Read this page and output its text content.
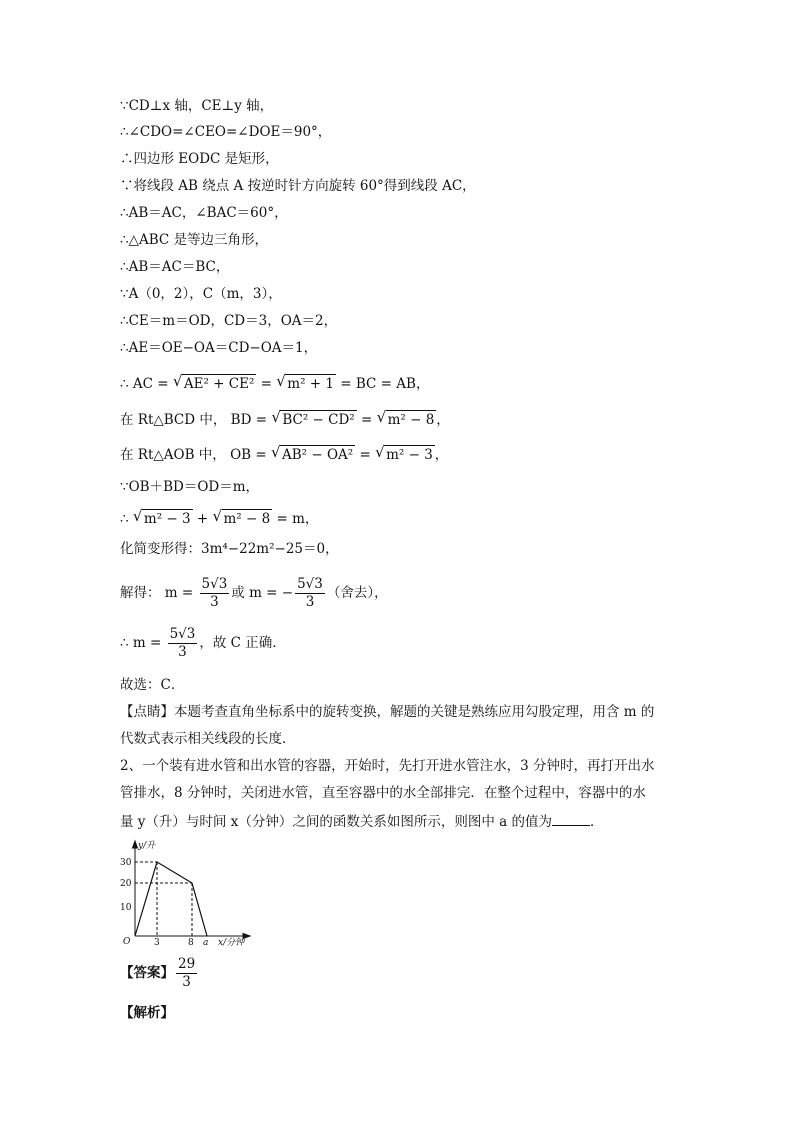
∵CD⊥x 轴，CE⊥y 轴，
∴∠CDO=∠CEO=∠DOE＝90°，
∴四边形 EODC 是矩形，
∵将线段 AB 绕点 A 按逆时针方向旋转 60°得到线段 AC，
∴AB＝AC，∠BAC＝60°，
∴△ABC 是等边三角形，
∴AB＝AC＝BC，
∵A（0，2），C（m，3），
∴CE＝m＝OD，CD＝3，OA＝2，
∴AE＝OE−OA＝CD−OA＝1，
∴ AC = √ AE² + CE² = √ m² + 1 = BC = AB，
在 Rt△BCD 中， BD = √ BC² − CD² = √ m² − 8 ，
在 Rt△AOB 中， OB = √ AB² − OA² = √ m² − 3 ，
∵OB＋BD＝OD＝m，
∴ √ m² − 3 + √ m² − 8 = m，
化简变形得：3m⁴−22m²−25＝0，
解得： $m = \frac{5√3}{3}$ 或 m = − $\frac{5√3}{3}$ （舍去），
∴ $m = \frac{5√3}{3}$ ，故 C 正确．
故选：C．
【点睛】本题考查直角坐标系中的旋转变换，解题的关键是熟练应用勾股定理，用含 m 的
代数式表示相关线段的长度．
2、一个装有进水管和出水管的容器，开始时，先打开进水管注水，3 分钟时，再打开出水
管排水，8 分钟时，关闭进水管，直至容器中的水全部排完．在整个过程中，容器中的水
量 y（升）与时间 x（分钟）之间的函数关系如图所示，则图中 a 的值为	．
y/升
30
20
10
O	3	8 a x/分钟
【答案】 $\frac{29}{3}$
【解析】
